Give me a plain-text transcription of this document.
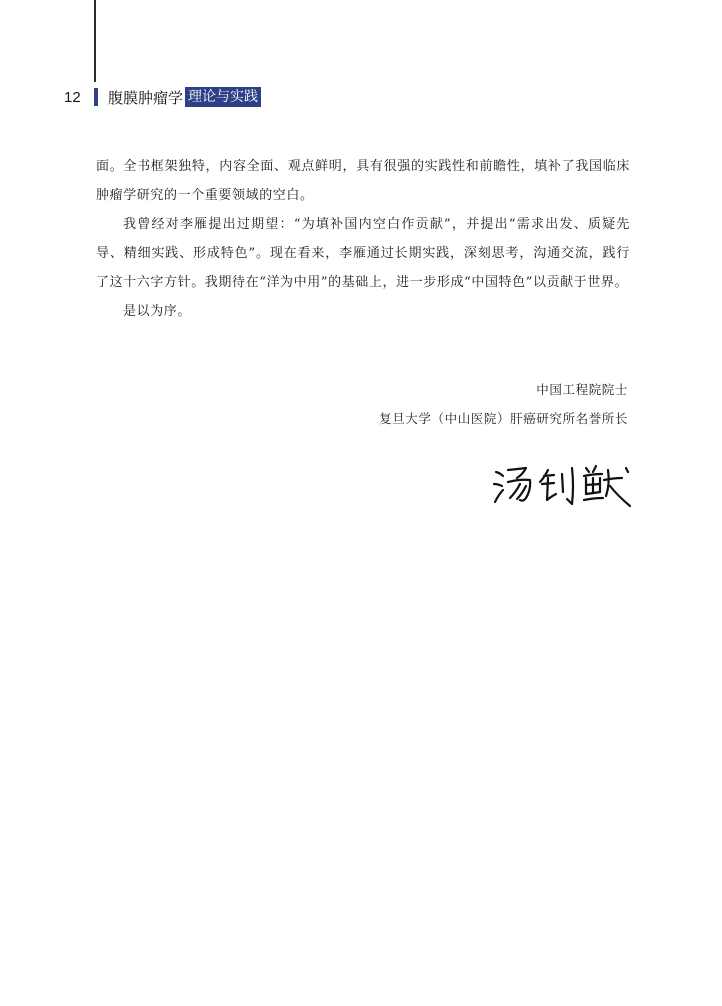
12	腹膜肿瘤学 理论与实践

面。全书框架独特，内容全面、观点鲜明，具有很强的实践性和前瞻性，填补了我国临床肿瘤学研究的一个重要领域的空白。

我曾经对李雁提出过期望：“为填补国内空白作贡献”，并提出“需求出发、质疑先导、精细实践、形成特色”。现在看来，李雁通过长期实践，深刻思考，沟通交流，践行了这十六字方针。我期待在“洋为中用”的基础上，进一步形成“中国特色”以贡献于世界。

是以为序。

中国工程院院士
复旦大学（中山医院）肝癌研究所名誉所长
